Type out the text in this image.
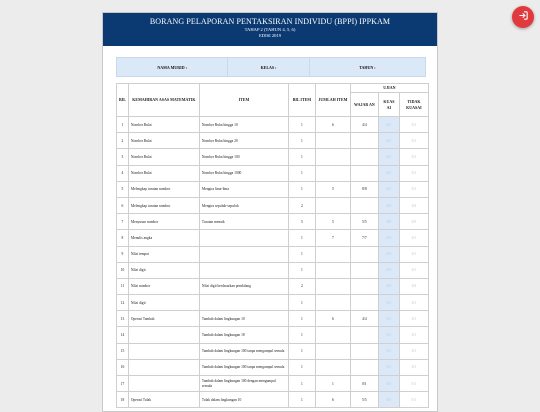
BORANG PELAPORAN PENTAKSIRAN INDIVIDU (BPPI) IPPKAM
TAHAP 2 (TAHUN 4, 5, 6)
EDISI 2019
NAMA MURID :	KELAS :	TAHUN :
BIL	KEMAHIRAN ASAS MATEMATIK	ITEM	BIL ITEM	JUMLAH ITEM	UJIAN		
					WAJAR AN	KUAS AI	TIDAK KUASAI
1	Nombor Bulat	Nombor Bulat hingga 10	1	6	4/4	0/1	0/1
2	Nombor Bulat	Nombor Bulat hingga 20	1			0/1	0/1
3	Nombor Bulat	Nombor Bulat hingga 100	1			0/1	0/1
4	Nombor Bulat	Nombor Bulat hingga 1000	1			0/1	0/1
5	Melengkap turutan nombor	Mengira lima-lima	1	5	8/8	0/1	0/1
6	Melengkap turutan nombor	Mengira sepuluh-sepuluh	2			0/2	0/2
7	Menyusun nombor	Turutan menaik	5	5	5/5	0/5	0/5
8	Menulis angka		1	7	7/7	0/1	0/1
9	Nilai tempat		1			0/1	0/1
10	Nilai digit		1			0/1	0/1
11	Nilai nombor	Nilai digit berdasarkan pembilang	2			0/2	0/2
12	Nilai digit		1			0/1	0/1
13	Operasi Tambah	Tambah dalam lingkungan 10	1	6	4/4	0/1	0/1
14		Tambah dalam lingkungan 18	1			0/1	0/1
15		Tambah dalam lingkungan 100 tanpa mengumpul semula	1			0/1	0/1
16		Tambah dalam lingkungan 100 tanpa mengumpul semula	1			0/1	0/1
17		Tambah dalam lingkungan 100 dengan mengumpul semula	1	1	0/1	0/1	0/1
18	Operasi Tolak	Tolak dalam lingkungan 10	1	6	5/5	0/1	0/1
